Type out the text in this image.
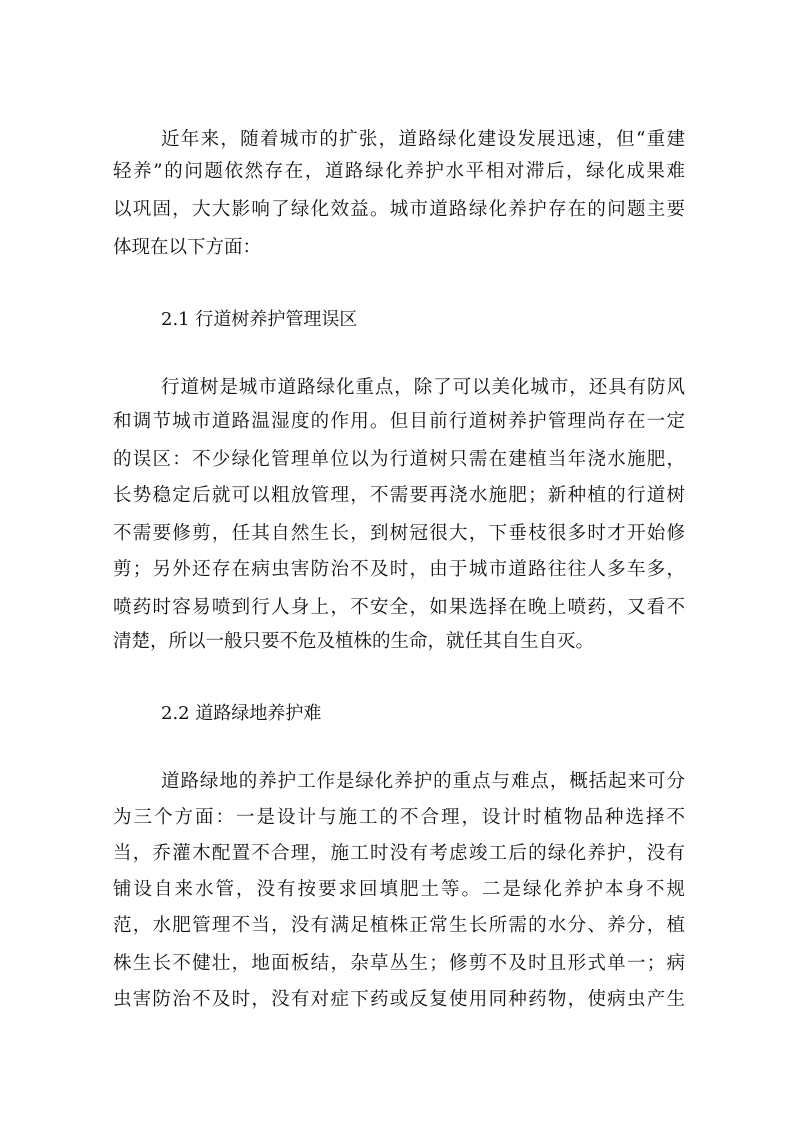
近年来，随着城市的扩张，道路绿化建设发展迅速，但“重建
轻养”的问题依然存在，道路绿化养护水平相对滞后，绿化成果难
以巩固，大大影响了绿化效益。城市道路绿化养护存在的问题主要
体现在以下方面：
2.1 行道树养护管理误区
行道树是城市道路绿化重点，除了可以美化城市，还具有防风
和调节城市道路温湿度的作用。但目前行道树养护管理尚存在一定
的误区：不少绿化管理单位以为行道树只需在建植当年浇水施肥，
长势稳定后就可以粗放管理，不需要再浇水施肥；新种植的行道树
不需要修剪，任其自然生长，到树冠很大，下垂枝很多时才开始修
剪；另外还存在病虫害防治不及时，由于城市道路往往人多车多，
喷药时容易喷到行人身上，不安全，如果选择在晚上喷药，又看不
清楚，所以一般只要不危及植株的生命，就任其自生自灭。
2.2 道路绿地养护难
道路绿地的养护工作是绿化养护的重点与难点，概括起来可分
为三个方面：一是设计与施工的不合理，设计时植物品种选择不
当，乔灌木配置不合理，施工时没有考虑竣工后的绿化养护，没有
铺设自来水管，没有按要求回填肥土等。二是绿化养护本身不规
范，水肥管理不当，没有满足植株正常生长所需的水分、养分，植
株生长不健壮，地面板结，杂草丛生；修剪不及时且形式单一；病
虫害防治不及时，没有对症下药或反复使用同种药物，使病虫产生
